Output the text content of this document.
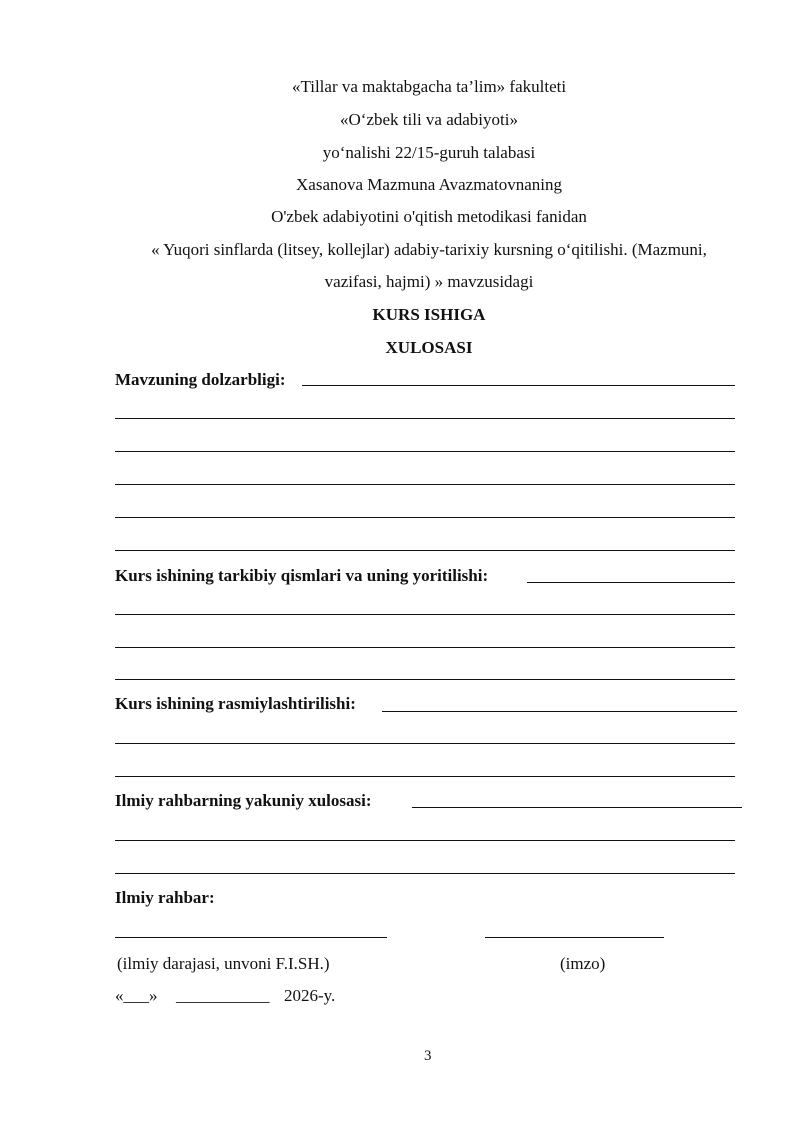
«Tillar va maktabgacha ta’lim» fakulteti
«O‘zbek tili va adabiyoti»
yo‘nalishi 22/15-guruh talabasi
Xasanova Mazmuna Avazmatovnaning
O'zbek adabiyotini o'qitish metodikasi fanidan
« Yuqori sinflarda (litsey, kollejlar) adabiy-tarixiy kursning o‘qitilishi. (Mazmuni,
vazifasi, hajmi) » mavzusidagi
KURS ISHIGA
XULOSASI
Mavzuning dolzarbligi:
Kurs ishining tarkibiy qismlari va uning yoritilishi:
Kurs ishining rasmiylashtirilishi:
Ilmiy rahbarning yakuniy xulosasi:
Ilmiy rahbar:
(ilmiy darajasi, unvoni F.I.SH.)	(imzo)
«___» ___________ 2026-y.
3
